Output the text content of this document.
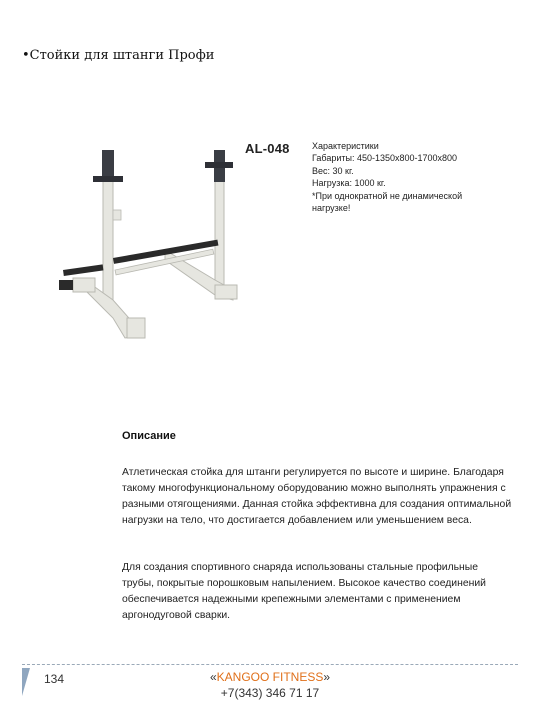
•Стойки для штанги Профи
AL-048 Характеристики
Габариты: 450-1350x800-1700x800
Вес: 30 кг.
Нагрузка: 1000 кг.
*При однократной не динамической
нагрузке!
Описание

Атлетическая стойка для штанги регулируется по высоте и ширине. Благодаря такому многофункциональному оборудованию можно выполнять упражнения с разными отягощениями. Данная стойка эффективна для создания оптимальной нагрузки на тело, что достигается добавлением или уменьшением веса.

Для создания спортивного снаряда использованы стальные профильные трубы, покрытые порошковым напылением. Высокое качество соединений обеспечивается надежными крепежными элементами с применением аргонодуговой сварки.

134	«KANGOO FITNESS»
+7(343) 346 71 17
